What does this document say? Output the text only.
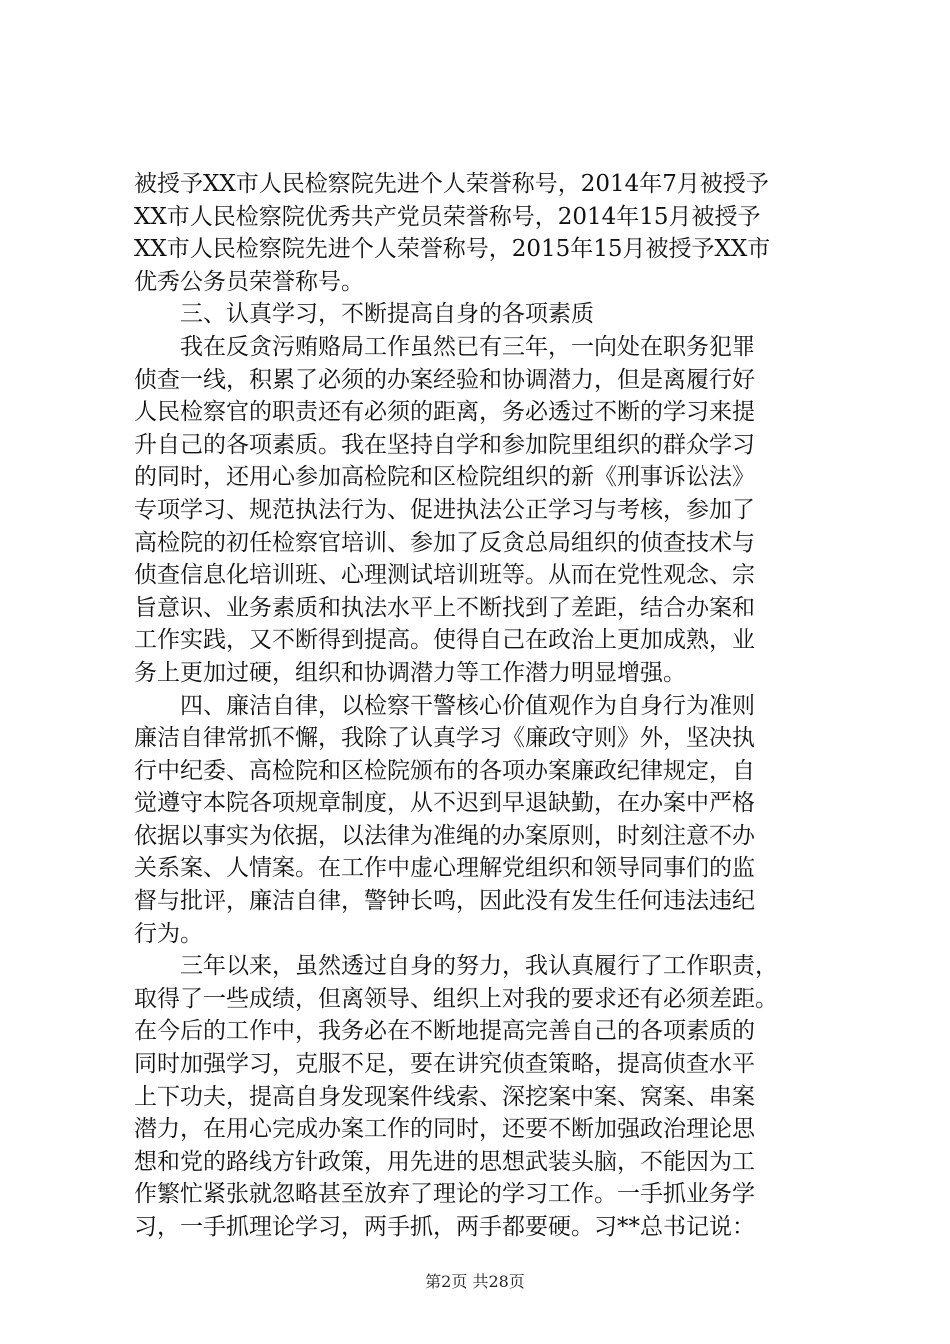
被授予XX市人民检察院先进个人荣誉称号，2014年7月被授予
XX市人民检察院优秀共产党员荣誉称号，2014年15月被授予
XX市人民检察院先进个人荣誉称号，2015年15月被授予XX市
优秀公务员荣誉称号。
三、认真学习，不断提高自身的各项素质
我在反贪污贿赂局工作虽然已有三年，一向处在职务犯罪
侦查一线，积累了必须的办案经验和协调潜力，但是离履行好
人民检察官的职责还有必须的距离，务必透过不断的学习来提
升自己的各项素质。我在坚持自学和参加院里组织的群众学习
的同时，还用心参加高检院和区检院组织的新《刑事诉讼法》
专项学习、规范执法行为、促进执法公正学习与考核，参加了
高检院的初任检察官培训、参加了反贪总局组织的侦查技术与
侦查信息化培训班、心理测试培训班等。从而在党性观念、宗
旨意识、业务素质和执法水平上不断找到了差距，结合办案和
工作实践，又不断得到提高。使得自己在政治上更加成熟，业
务上更加过硬，组织和协调潜力等工作潜力明显增强。
四、廉洁自律，以检察干警核心价值观作为自身行为准则
廉洁自律常抓不懈，我除了认真学习《廉政守则》外，坚决执
行中纪委、高检院和区检院颁布的各项办案廉政纪律规定，自
觉遵守本院各项规章制度，从不迟到早退缺勤，在办案中严格
依据以事实为依据，以法律为准绳的办案原则，时刻注意不办
关系案、人情案。在工作中虚心理解党组织和领导同事们的监
督与批评，廉洁自律，警钟长鸣，因此没有发生任何违法违纪
行为。
三年以来，虽然透过自身的努力，我认真履行了工作职责，
取得了一些成绩，但离领导、组织上对我的要求还有必须差距。
在今后的工作中，我务必在不断地提高完善自己的各项素质的
同时加强学习，克服不足，要在讲究侦查策略，提高侦查水平
上下功夫，提高自身发现案件线索、深挖案中案、窝案、串案
潜力，在用心完成办案工作的同时，还要不断加强政治理论思
想和党的路线方针政策，用先进的思想武装头脑，不能因为工
作繁忙紧张就忽略甚至放弃了理论的学习工作。一手抓业务学
习，一手抓理论学习，两手抓，两手都要硬。习**总书记说：
第2页 共28页
